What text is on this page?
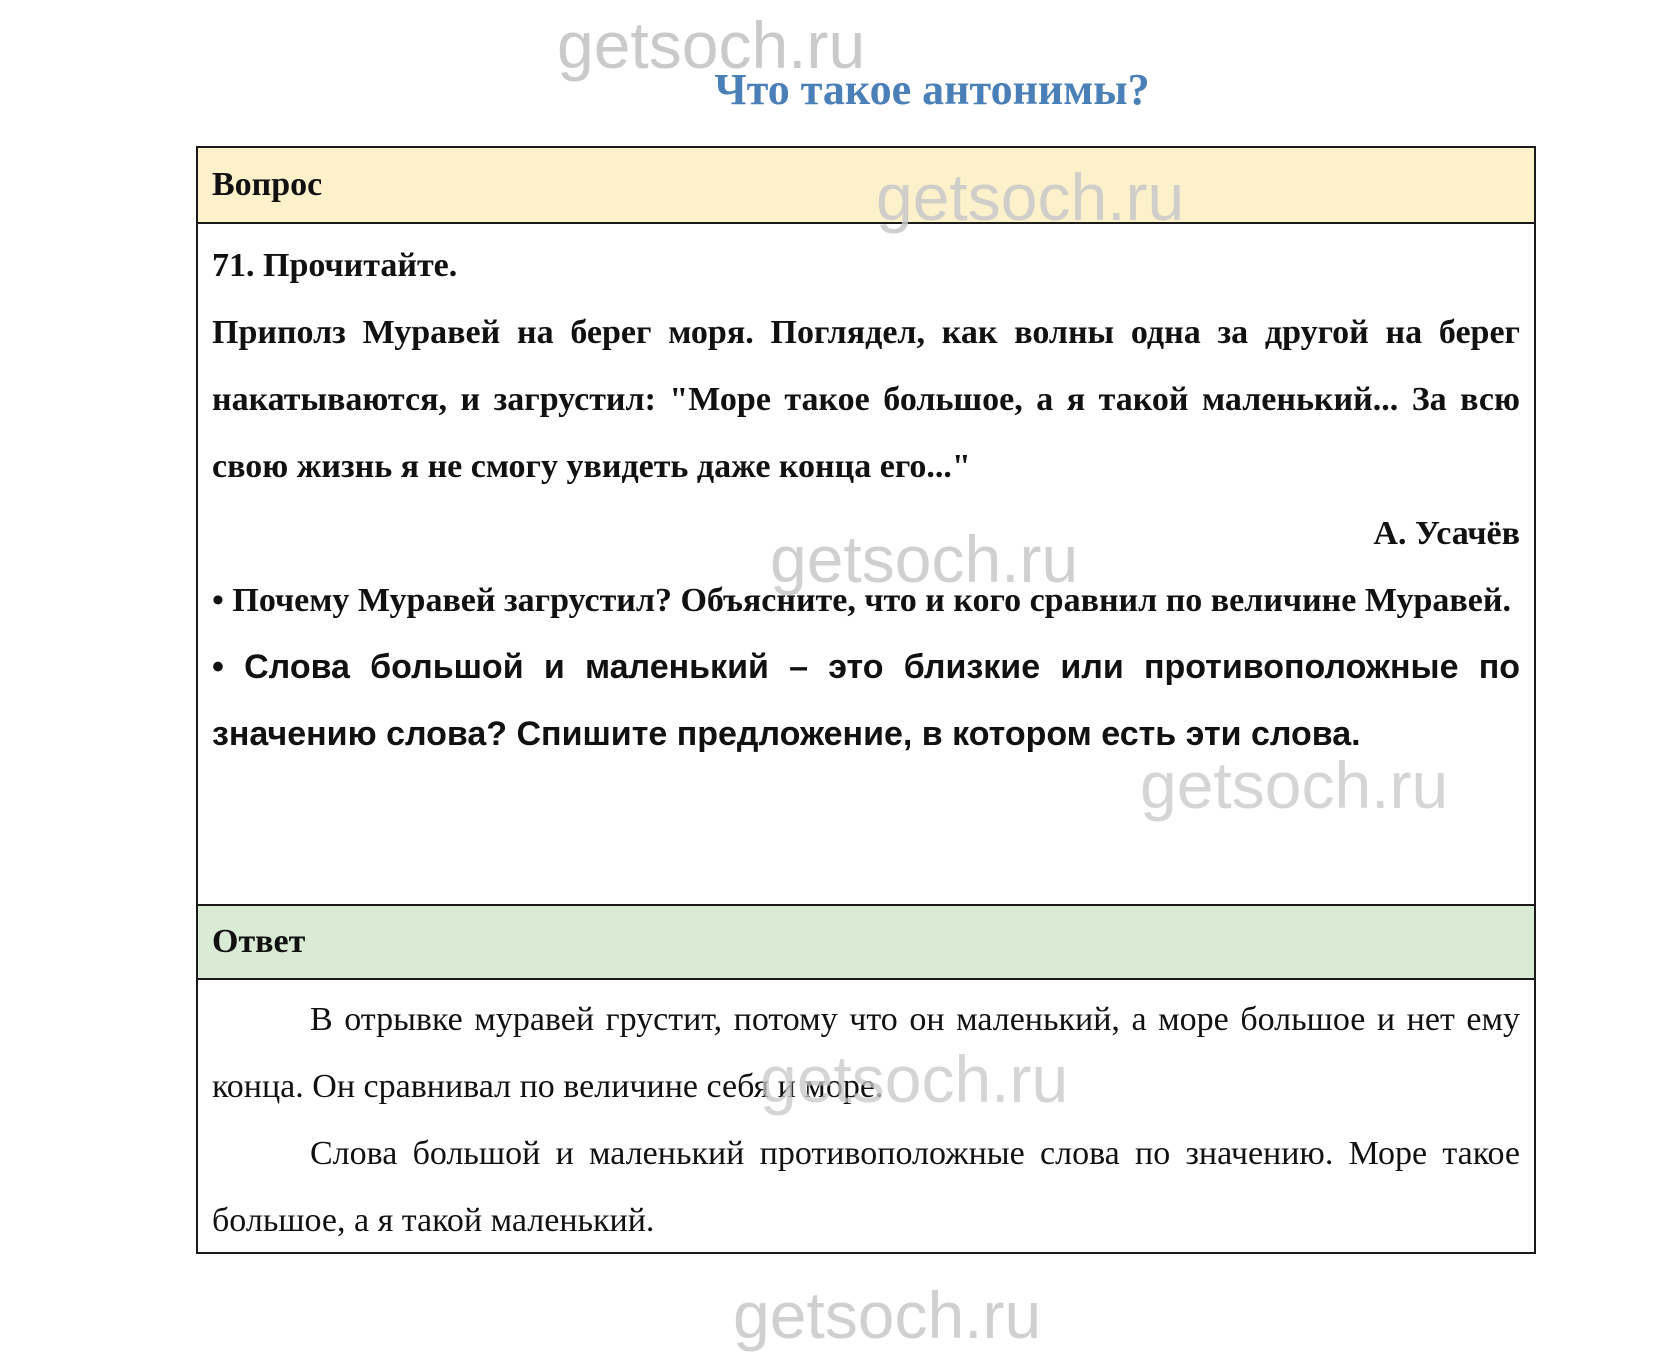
Что такое антонимы?
Вопрос

71. Прочитайте.

Приполз Муравей на берег моря. Поглядел, как волны одна за другой на берег накатываются, и загрустил: "Море такое большое, а я такой маленький... За всю свою жизнь я не смогу увидеть даже конца его..."

А. Усачёв

• Почему Муравей загрустил? Объясните, что и кого сравнил по величине Муравей.

• Слова большой и маленький – это близкие или противоположные по значению слова? Спишите предложение, в котором есть эти слова.

Ответ

В отрывке муравей грустит, потому что он маленький, а море большое и нет ему конца. Он сравнивал по величине себя и море.

Слова большой и маленький противоположные слова по значению. Море такое большое, а я такой маленький.

getsoch.ru
getsoch.ru
getsoch.ru
getsoch.ru
getsoch.ru
getsoch.ru
